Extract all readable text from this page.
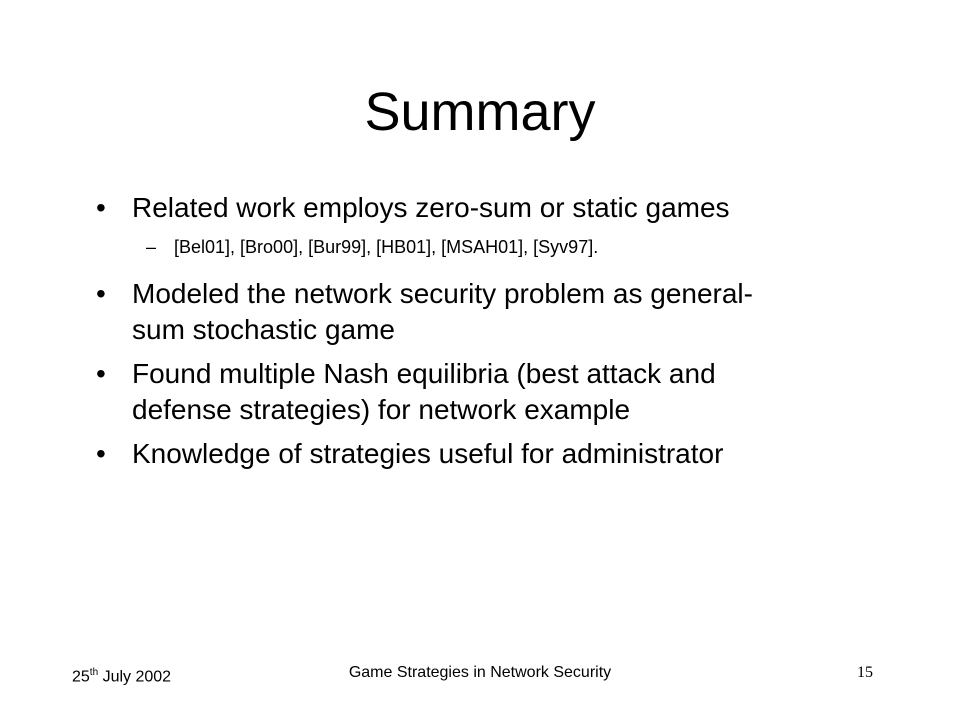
Summary
• Related work employs zero-sum or static games
– [Bel01], [Bro00], [Bur99], [HB01], [MSAH01], [Syv97].
• Modeled the network security problem as general-
sum stochastic game
• Found multiple Nash equilibria (best attack and
defense strategies) for network example
• Knowledge of strategies useful for administrator
25th July 2002	Game Strategies in Network Security	15
